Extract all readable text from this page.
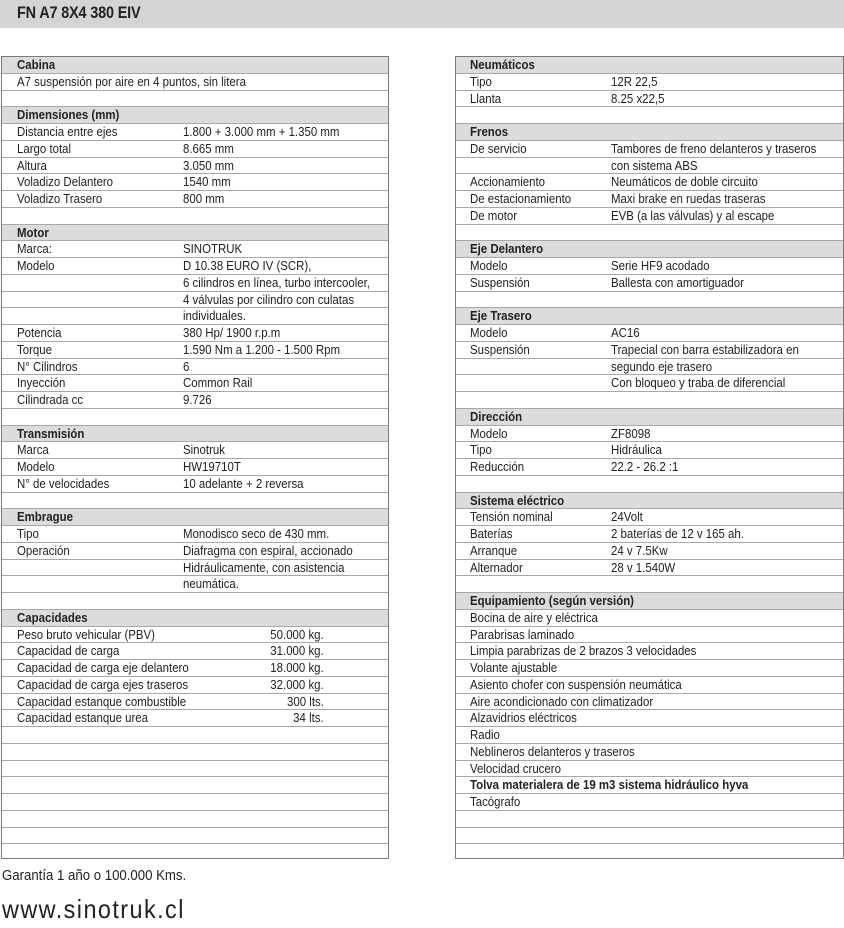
FN A7 8X4 380 EIV
Cabina
A7 suspensión por aire en 4 puntos, sin litera
Dimensiones (mm)
Distancia entre ejes	1.800 + 3.000 mm + 1.350 mm
Largo total	8.665 mm
Altura	3.050 mm
Voladizo Delantero	1540 mm
Voladizo Trasero	800 mm
Motor
Marca:	SINOTRUK
Modelo	D 10.38 EURO IV (SCR),
6 cilindros en línea, turbo intercooler,
4 válvulas por cilindro con culatas
individuales.
Potencia	380 Hp/ 1900 r.p.m
Torque	1.590 Nm a 1.200 - 1.500 Rpm
N° Cilindros	6
Inyección	Common Rail
Cilindrada cc	9.726
Transmisión
Marca	Sinotruk
Modelo	HW19710T
N° de velocidades	10 adelante + 2 reversa
Embrague
Tipo	Monodisco seco de 430 mm.
Operación	Diafragma con espiral, accionado
Hidráulicamente, con asistencia
neumática.
Capacidades
Peso bruto vehicular (PBV)	50.000 kg.
Capacidad de carga	31.000 kg.
Capacidad de carga eje delantero	18.000 kg.
Capacidad de carga ejes traseros	32.000 kg.
Capacidad estanque combustible	300 lts.
Capacidad estanque urea	34 lts.
Neumáticos
Tipo	12R 22,5
Llanta	8.25 x22,5
Frenos
De servicio	Tambores de freno delanteros y traseros
con sistema ABS
Accionamiento	Neumáticos de doble circuito
De estacionamiento	Maxi brake en ruedas traseras
De motor	EVB (a las válvulas) y al escape
Eje Delantero
Modelo	Serie HF9 acodado
Suspensión	Ballesta con amortiguador
Eje Trasero
Modelo	AC16
Suspensión	Trapecial con barra estabilizadora en
segundo eje trasero
Con bloqueo y traba de diferencial
Dirección
Modelo	ZF8098
Tipo	Hidráulica
Reducción	22.2 - 26.2 :1
Sistema eléctrico
Tensión nominal	24Volt
Baterías	2 baterías de 12 v 165 ah.
Arranque	24 v 7.5Kw
Alternador	28 v 1.540W
Equipamiento (según versión)
Bocina de aire y eléctrica
Parabrisas laminado
Limpia parabrizas de 2 brazos 3 velocidades
Volante ajustable
Asiento chofer con suspensión neumática
Aire acondicionado con climatizador
Alzavidrios eléctricos
Radio
Neblineros delanteros y traseros
Velocidad crucero
Tolva materialera de 19 m3 sistema hidráulico hyva
Tacógrafo
Garantía 1 año o 100.000 Kms.
www.sinotruk.cl
